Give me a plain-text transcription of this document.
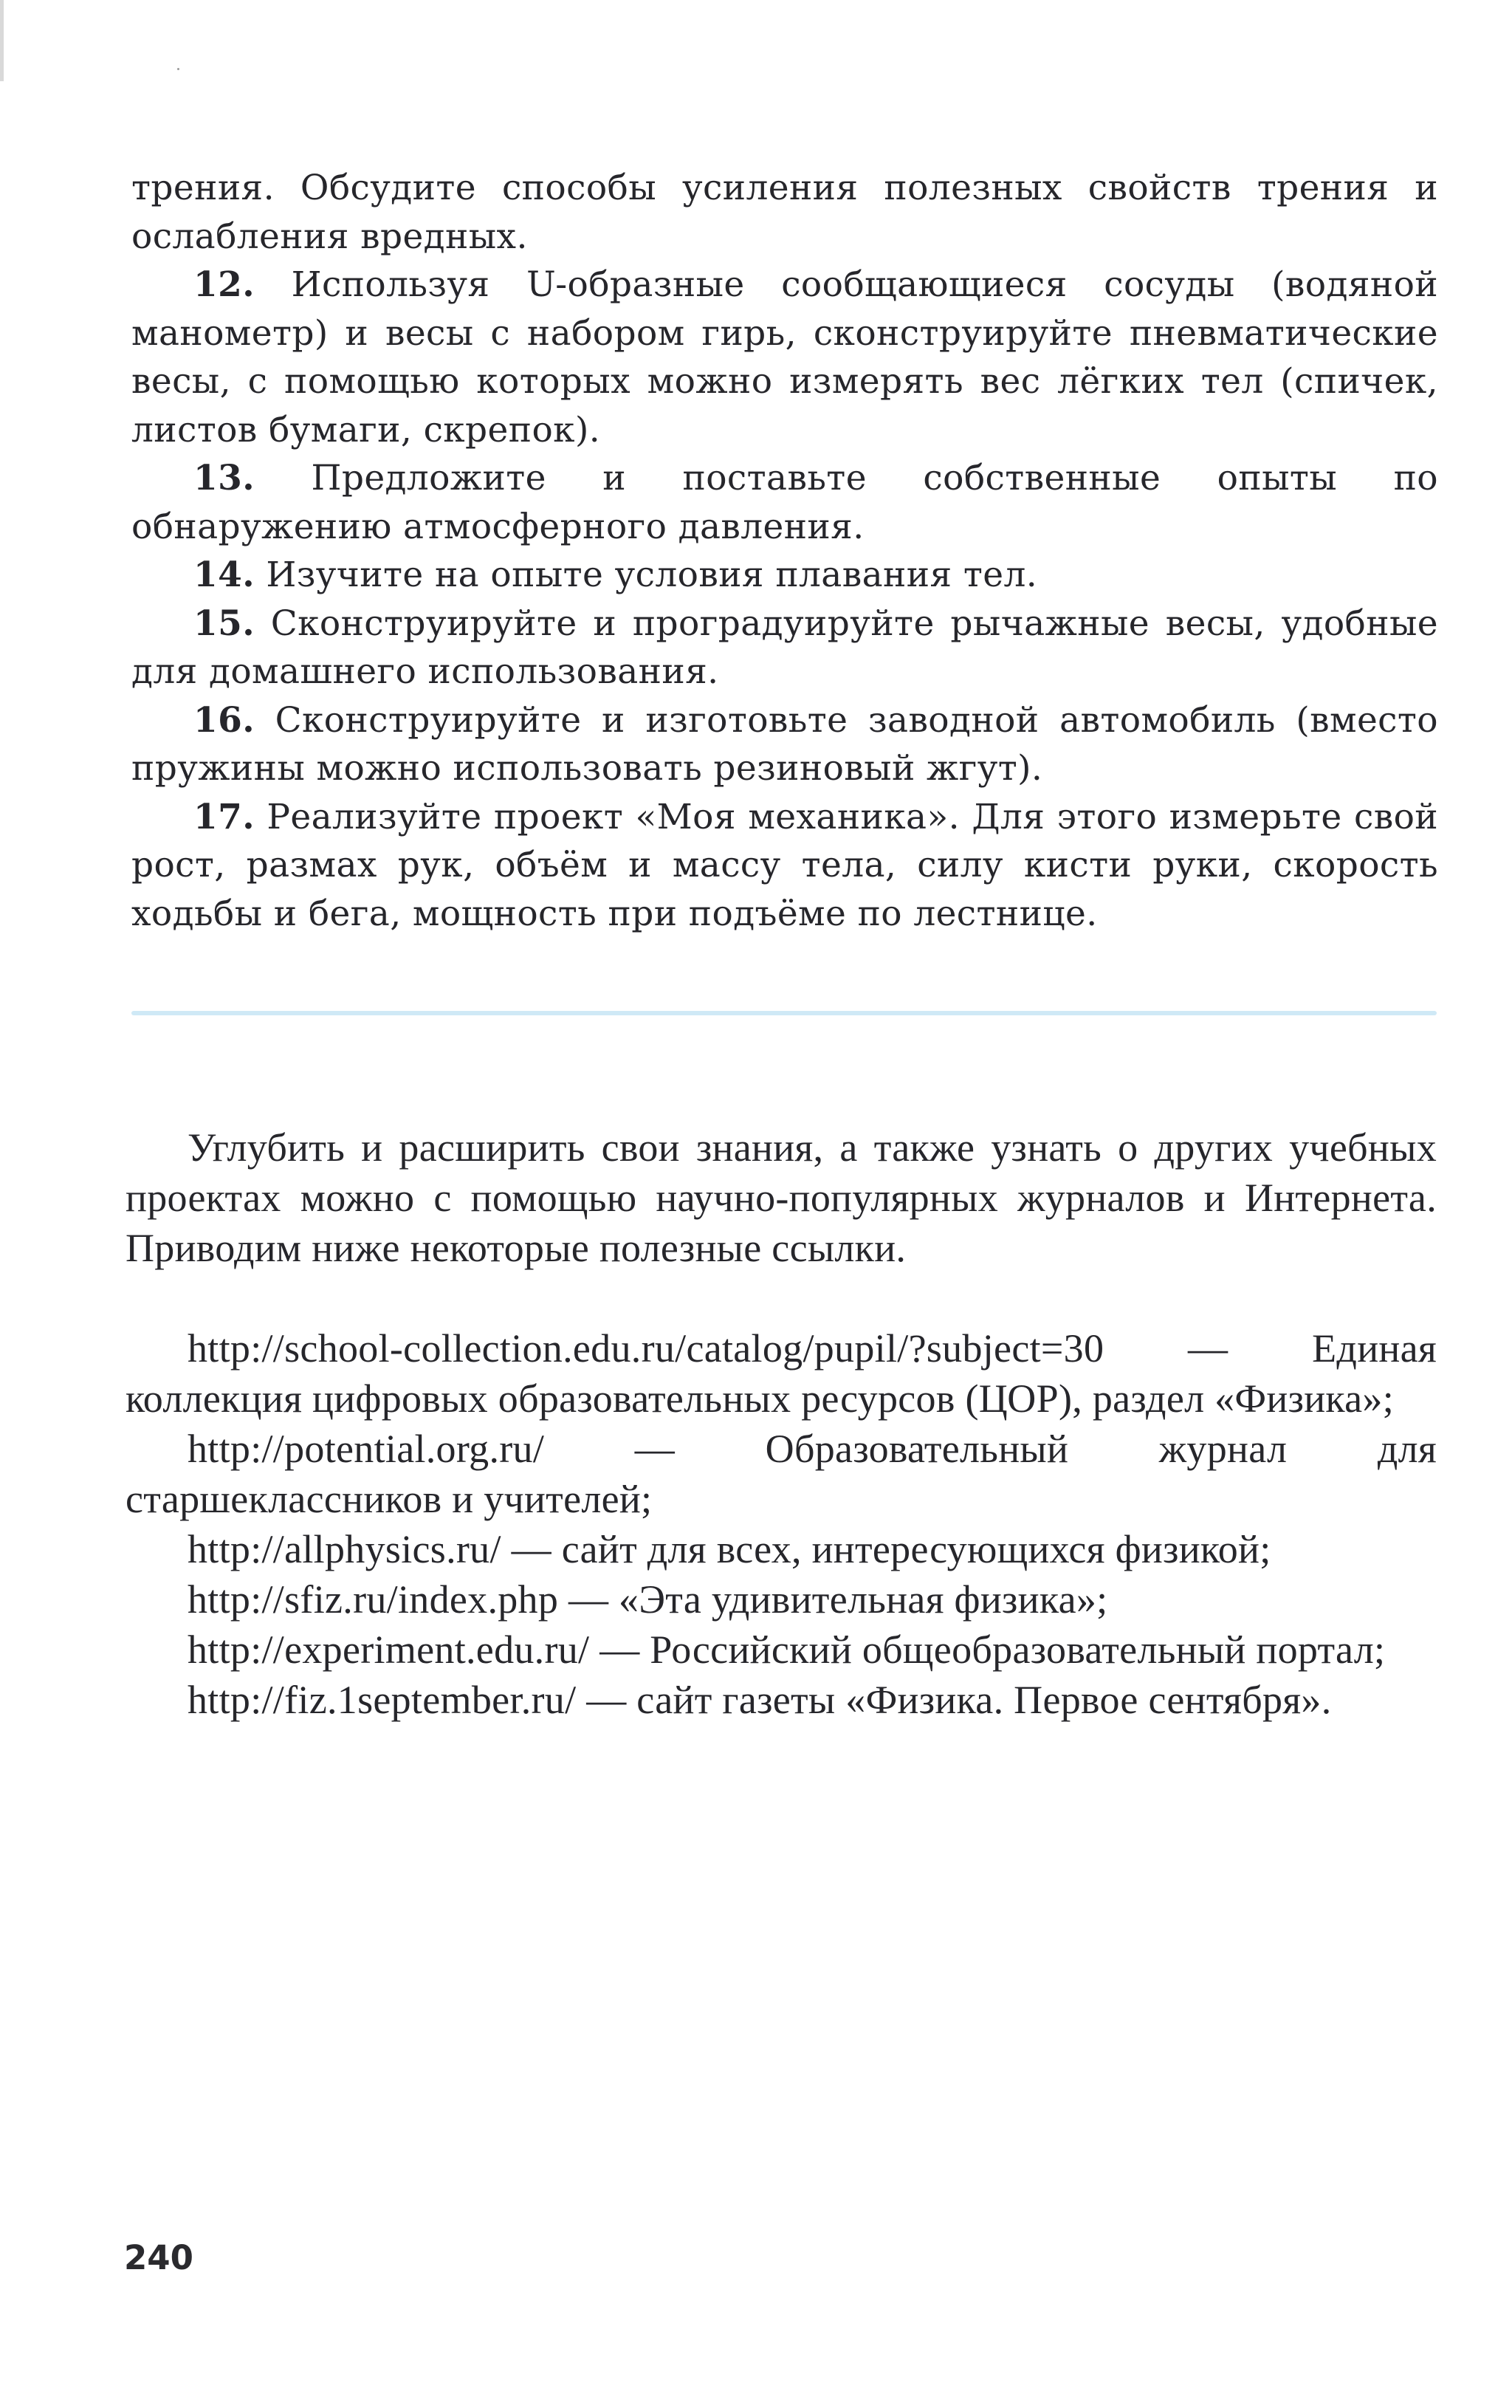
трения. Обсудите способы усиления полезных свойств трения и ослабления вредных.

12. Используя U-образные сообщающиеся сосуды (водяной манометр) и весы с набором гирь, сконструируйте пневматические весы, с помощью которых можно измерять вес лёгких тел (спичек, листов бумаги, скрепок).

13. Предложите и поставьте собственные опыты по обнаружению атмосферного давления.

14. Изучите на опыте условия плавания тел.

15. Сконструируйте и проградуируйте рычажные весы, удобные для домашнего использования.

16. Сконструируйте и изготовьте заводной автомобиль (вместо пружины можно использовать резиновый жгут).

17. Реализуйте проект «Моя механика». Для этого измерьте свой рост, размах рук, объём и массу тела, силу кисти руки, скорость ходьбы и бега, мощность при подъёме по лестнице.

Углубить и расширить свои знания, а также узнать о других учебных проектах можно с помощью научно-популярных журналов и Интернета. Приводим ниже некоторые полезные ссылки.

http://school-collection.edu.ru/catalog/pupil/?subject=30 — Единая коллекция цифровых образовательных ресурсов (ЦОР), раздел «Физика»;

http://potential.org.ru/ — Образовательный журнал для старшеклассников и учителей;

http://allphysics.ru/ — сайт для всех, интересующихся физикой;

http://sfiz.ru/index.php — «Эта удивительная физика»;

http://experiment.edu.ru/ — Российский общеобразовательный портал;

http://fiz.1september.ru/ — сайт газеты «Физика. Первое сентября».

240
